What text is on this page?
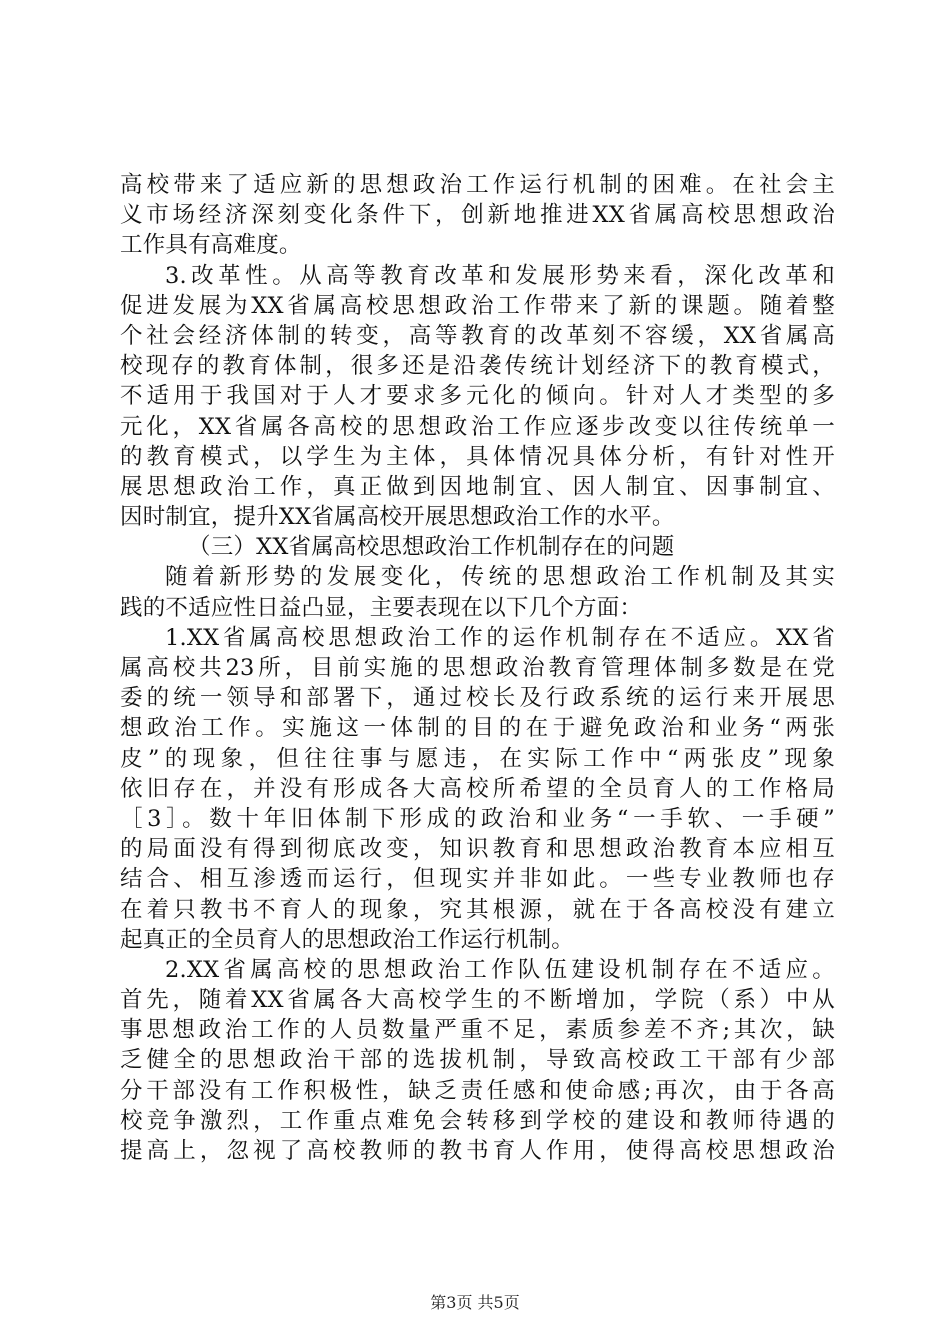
高校带来了适应新的思想政治工作运行机制的困难。在社会主
义市场经济深刻变化条件下，创新地推进XX省属高校思想政治
工作具有高难度。
3.改革性。从高等教育改革和发展形势来看，深化改革和
促进发展为XX省属高校思想政治工作带来了新的课题。随着整
个社会经济体制的转变，高等教育的改革刻不容缓，XX省属高
校现存的教育体制，很多还是沿袭传统计划经济下的教育模式，
不适用于我国对于人才要求多元化的倾向。针对人才类型的多
元化，XX省属各高校的思想政治工作应逐步改变以往传统单一
的教育模式，以学生为主体，具体情况具体分析，有针对性开
展思想政治工作，真正做到因地制宜、因人制宜、因事制宜、
因时制宜，提升XX省属高校开展思想政治工作的水平。
（三）XX省属高校思想政治工作机制存在的问题
随着新形势的发展变化，传统的思想政治工作机制及其实
践的不适应性日益凸显，主要表现在以下几个方面：
1.XX省属高校思想政治工作的运作机制存在不适应。XX省
属高校共23所，目前实施的思想政治教育管理体制多数是在党
委的统一领导和部署下，通过校长及行政系统的运行来开展思
想政治工作。实施这一体制的目的在于避免政治和业务“两张
皮”的现象，但往往事与愿违，在实际工作中“两张皮”现象
依旧存在，并没有形成各大高校所希望的全员育人的工作格局
［3］。数十年旧体制下形成的政治和业务“一手软、一手硬”
的局面没有得到彻底改变，知识教育和思想政治教育本应相互
结合、相互渗透而运行，但现实并非如此。一些专业教师也存
在着只教书不育人的现象，究其根源，就在于各高校没有建立
起真正的全员育人的思想政治工作运行机制。
2.XX省属高校的思想政治工作队伍建设机制存在不适应。
首先，随着XX省属各大高校学生的不断增加，学院（系）中从
事思想政治工作的人员数量严重不足，素质参差不齐;其次，缺
乏健全的思想政治干部的选拔机制，导致高校政工干部有少部
分干部没有工作积极性，缺乏责任感和使命感;再次，由于各高
校竞争激烈，工作重点难免会转移到学校的建设和教师待遇的
提高上，忽视了高校教师的教书育人作用，使得高校思想政治
第3页 共5页
